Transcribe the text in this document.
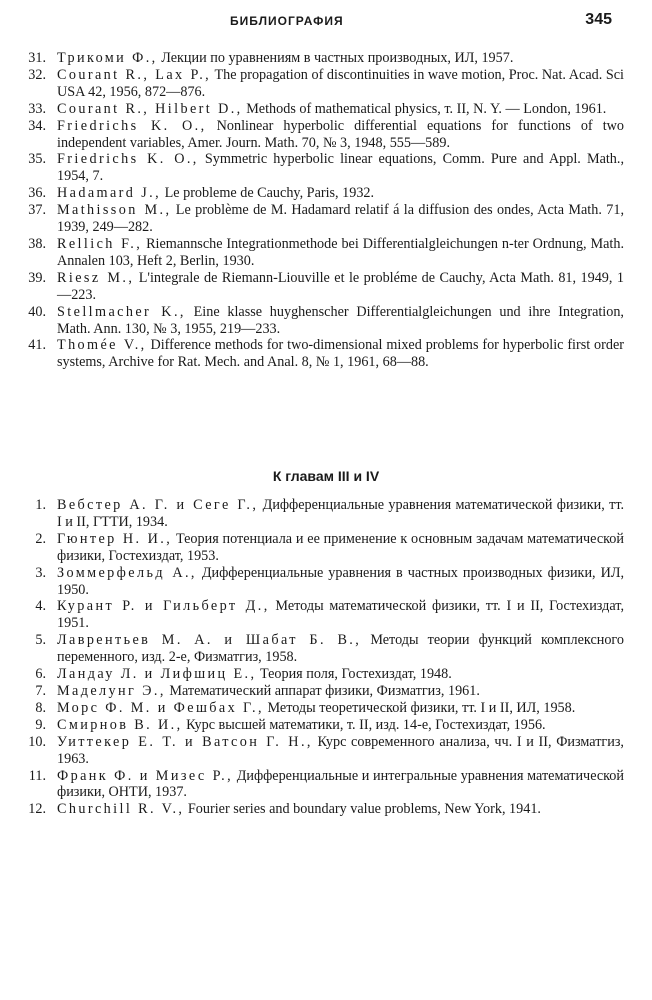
БИБЛИОГРАФИЯ	345
31. Трикоми Ф., Лекции по уравнениям в частных производных, ИЛ, 1957.
32. Courant R., Lax P., The propagation of discontinuities in wave motion, Proc. Nat. Acad. Sci USA 42, 1956, 872—876.
33. Courant R., Hilbert D., Methods of mathematical physics, т. II, N. Y. — London, 1961.
34. Friedrichs K. O., Nonlinear hyperbolic differential equations for functions of two independent variables, Amer. Journ. Math. 70, № 3, 1948, 555—589.
35. Friedrichs K. O., Symmetric hyperbolic linear equations, Comm. Pure and Appl. Math., 1954, 7.
36. Hadamard J., Le probleme de Cauchy, Paris, 1932.
37. Mathisson M., Le problème de M. Hadamard relatif á la diffusion des ondes, Acta Math. 71, 1939, 249—282.
38. Rellich F., Riemannsche Integrationmethode bei Differentialgleichungen n-ter Ordnung, Math. Annalen 103, Heft 2, Berlin, 1930.
39. Riesz M., L'integrale de Riemann-Liouville et le probléme de Cauchy, Acta Math. 81, 1949, 1—223.
40. Stellmacher K., Eine klasse huyghenscher Differentialgleichungen und ihre Integration, Math. Ann. 130, № 3, 1955, 219—233.
41. Thomée V., Difference methods for two-dimensional mixed problems for hyperbolic first order systems, Archive for Rat. Mech. and Anal. 8, № 1, 1961, 68—88.
К главам III и IV
1. Вебстер А. Г. и Сеге Г., Дифференциальные уравнения математической физики, тт. I и II, ГТТИ, 1934.
2. Гюнтер Н. И., Теория потенциала и ее применение к основным задачам математической физики, Гостехиздат, 1953.
3. Зоммерфельд А., Дифференциальные уравнения в частных производных физики, ИЛ, 1950.
4. Курант Р. и Гильберт Д., Методы математической физики, тт. I и II, Гостехиздат, 1951.
5. Лаврентьев М. А. и Шабат Б. В., Методы теории функций комплексного переменного, изд. 2-е, Физматгиз, 1958.
6. Ландау Л. и Лифшиц Е., Теория поля, Гостехиздат, 1948.
7. Маделунг Э., Математический аппарат физики, Физматгиз, 1961.
8. Морс Ф. М. и Фешбах Г., Методы теоретической физики, тт. I и II, ИЛ, 1958.
9. Смирнов В. И., Курс высшей математики, т. II, изд. 14-е, Гостехиздат, 1956.
10. Уиттекер Е. Т. и Ватсон Г. Н., Курс современного анализа, чч. I и II, Физматгиз, 1963.
11. Франк Ф. и Мизес Р., Дифференциальные и интегральные уравнения математической физики, ОНТИ, 1937.
12. Churchill R. V., Fourier series and boundary value problems, New York, 1941.
